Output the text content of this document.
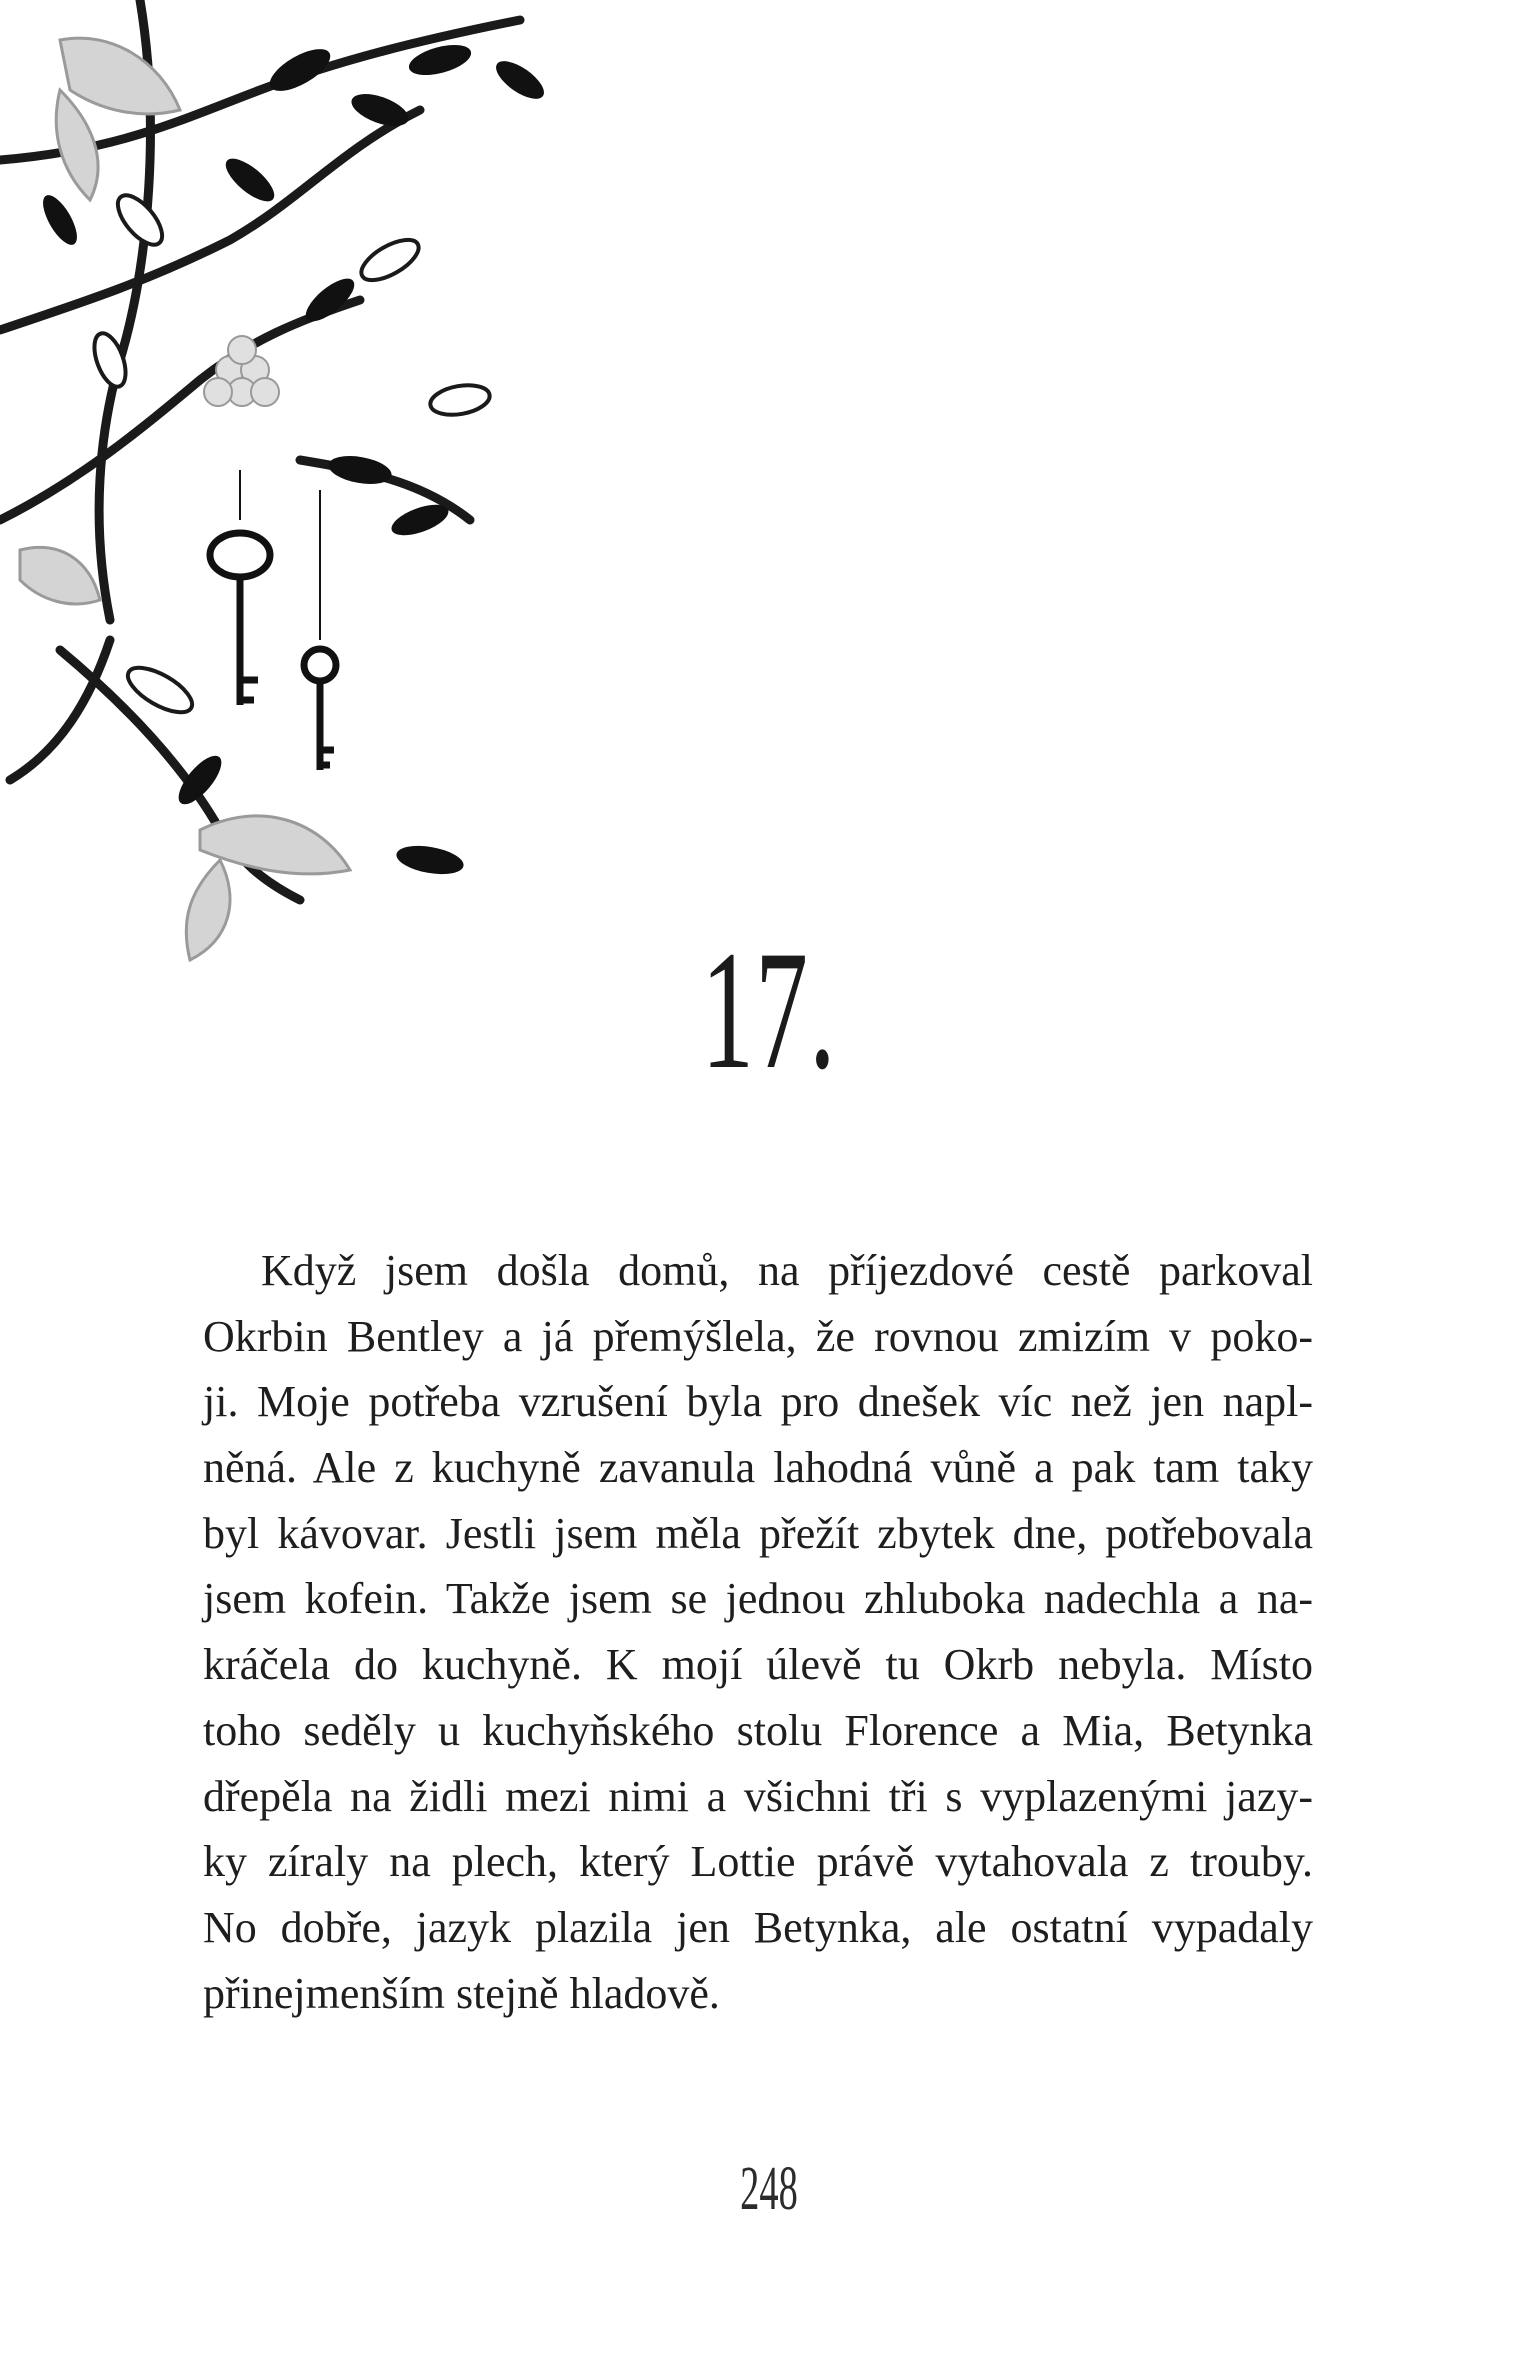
17.
Když jsem došla domů, na příjezdové cestě parkoval
Okrbin Bentley a já přemýšlela, že rovnou zmizím v poko-
ji. Moje potřeba vzrušení byla pro dnešek víc než jen napl-
něná. Ale z kuchyně zavanula lahodná vůně a pak tam taky
byl kávovar. Jestli jsem měla přežít zbytek dne, potřebovala
jsem kofein. Takže jsem se jednou zhluboka nadechla a na-
kráčela do kuchyně. K mojí úlevě tu Okrb nebyla. Místo
toho seděly u kuchyňského stolu Florence a Mia, Betynka
dřepěla na židli mezi nimi a všichni tři s vyplazenými jazy-
ky zíraly na plech, který Lottie právě vytahovala z trouby.
No dobře, jazyk plazila jen Betynka, ale ostatní vypadaly
přinejmenším stejně hladově.
248
